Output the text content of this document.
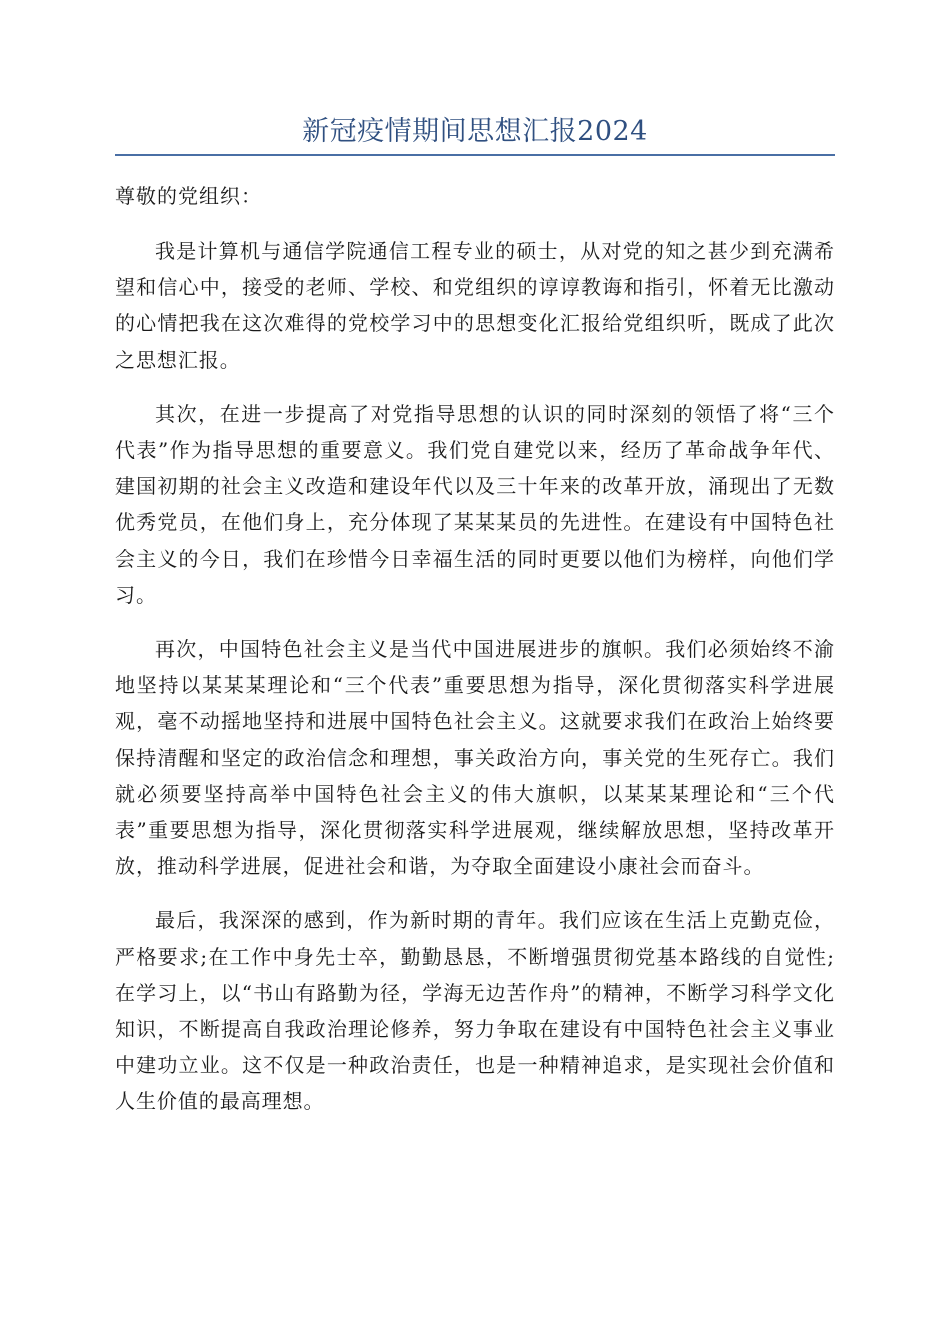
新冠疫情期间思想汇报2024
尊敬的党组织：

我是计算机与通信学院通信工程专业的硕士，从对党的知之甚少到充满希望和信心中，接受的老师、学校、和党组织的谆谆教诲和指引，怀着无比激动的心情把我在这次难得的党校学习中的思想变化汇报给党组织听，既成了此次之思想汇报。

其次，在进一步提高了对党指导思想的认识的同时深刻的领悟了将“三个代表”作为指导思想的重要意义。我们党自建党以来，经历了革命战争年代、建国初期的社会主义改造和建设年代以及三十年来的改革开放，涌现出了无数优秀党员，在他们身上，充分体现了某某某员的先进性。在建设有中国特色社会主义的今日，我们在珍惜今日幸福生活的同时更要以他们为榜样，向他们学习。

再次，中国特色社会主义是当代中国进展进步的旗帜。我们必须始终不渝地坚持以某某某理论和“三个代表”重要思想为指导，深化贯彻落实科学进展观，毫不动摇地坚持和进展中国特色社会主义。这就要求我们在政治上始终要保持清醒和坚定的政治信念和理想，事关政治方向，事关党的生死存亡。我们就必须要坚持高举中国特色社会主义的伟大旗帜，以某某某理论和“三个代表”重要思想为指导，深化贯彻落实科学进展观，继续解放思想，坚持改革开放，推动科学进展，促进社会和谐，为夺取全面建设小康社会而奋斗。

最后，我深深的感到，作为新时期的青年。我们应该在生活上克勤克俭，严格要求;在工作中身先士卒，勤勤恳恳，不断增强贯彻党基本路线的自觉性;在学习上，以“书山有路勤为径，学海无边苦作舟”的精神，不断学习科学文化知识，不断提高自我政治理论修养，努力争取在建设有中国特色社会主义事业中建功立业。这不仅是一种政治责任，也是一种精神追求，是实现社会价值和人生价值的最高理想。
